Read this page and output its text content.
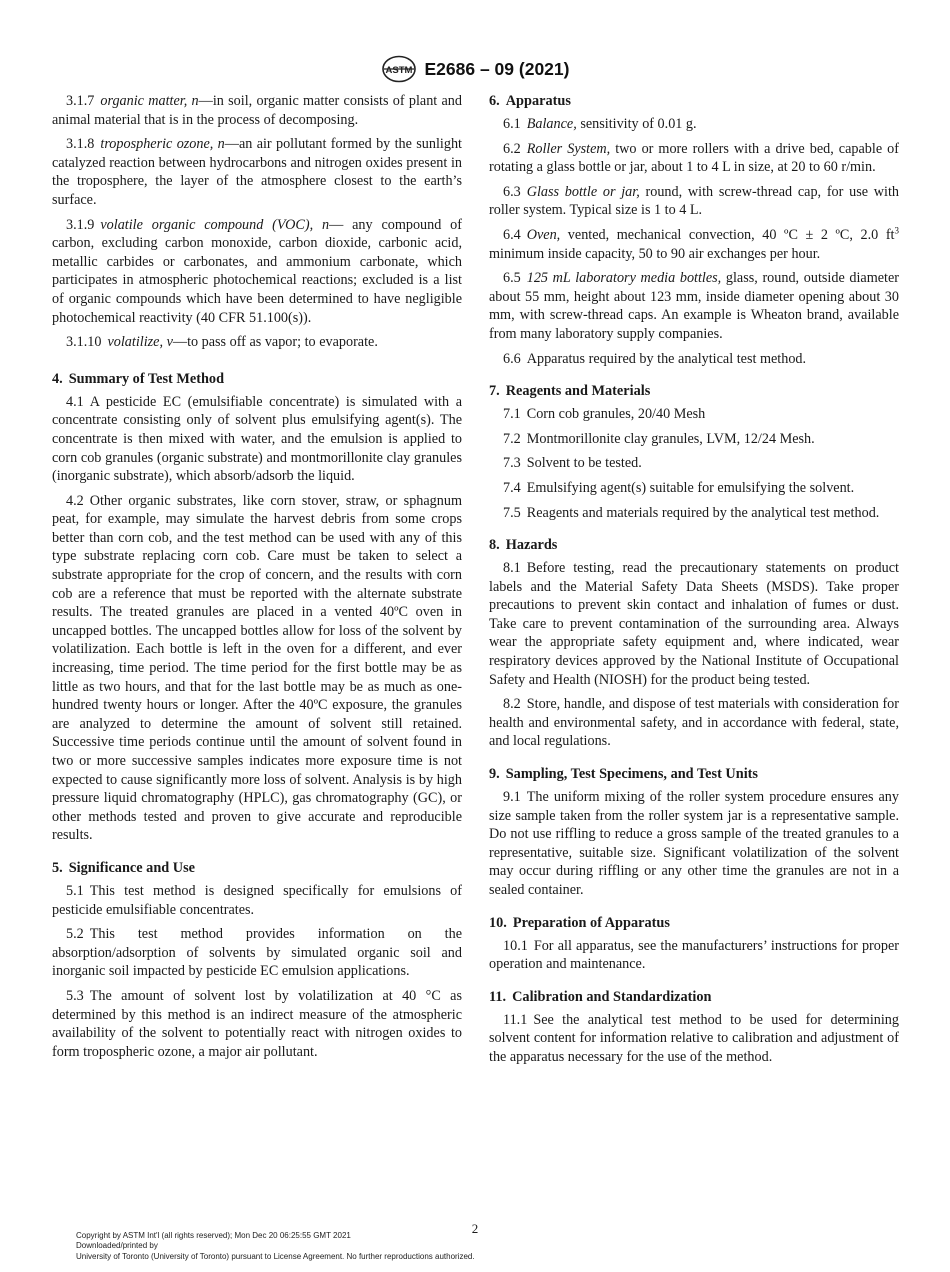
ASTM E2686 – 09 (2021)

3.1.7 organic matter, n—in soil, organic matter consists of plant and animal material that is in the process of decomposing.

3.1.8 tropospheric ozone, n—an air pollutant formed by the sunlight catalyzed reaction between hydrocarbons and nitrogen oxides present in the troposphere, the layer of the atmosphere closest to the earth’s surface.

3.1.9 volatile organic compound (VOC), n— any compound of carbon, excluding carbon monoxide, carbon dioxide, carbonic acid, metallic carbides or carbonates, and ammonium carbonate, which participates in atmospheric photochemical reactions; excluded is a list of organic compounds which have been determined to have negligible photochemical reactivity (40 CFR 51.100(s)).

3.1.10 volatilize, v—to pass off as vapor; to evaporate.

4. Summary of Test Method

4.1 A pesticide EC (emulsifiable concentrate) is simulated with a concentrate consisting only of solvent plus emulsifying agent(s). The concentrate is then mixed with water, and the emulsion is applied to corn cob granules (organic substrate) and montmorillonite clay granules (inorganic substrate), which absorb/adsorb the liquid.

4.2 Other organic substrates, like corn stover, straw, or sphagnum peat, for example, may simulate the harvest debris from some crops better than corn cob, and the test method can be used with any of this type substrate replacing corn cob. Care must be taken to select a substrate appropriate for the crop of concern, and the results with corn cob are a reference that must be reported with the alternate substrate results. The treated granules are placed in a vented 40ºC oven in uncapped bottles. The uncapped bottles allow for loss of the solvent by volatilization. Each bottle is left in the oven for a different, and ever increasing, time period. The time period for the first bottle may be as little as two hours, and that for the last bottle may be as much as one-hundred twenty hours or longer. After the 40ºC exposure, the granules are analyzed to determine the amount of solvent still retained. Successive time periods continue until the amount of solvent found in two or more successive samples indicates more exposure time is not expected to cause significantly more loss of solvent. Analysis is by high pressure liquid chromatography (HPLC), gas chromatography (GC), or other methods tested and proven to give accurate and reproducible results.

5. Significance and Use

5.1 This test method is designed specifically for emulsions of pesticide emulsifiable concentrates.

5.2 This test method provides information on the absorption/adsorption of solvents by simulated organic soil and inorganic soil impacted by pesticide EC emulsion applications.

5.3 The amount of solvent lost by volatilization at 40 °C as determined by this method is an indirect measure of the atmospheric availability of the solvent to potentially react with nitrogen oxides to form tropospheric ozone, a major air pollutant.

6. Apparatus

6.1 Balance, sensitivity of 0.01 g.

6.2 Roller System, two or more rollers with a drive bed, capable of rotating a glass bottle or jar, about 1 to 4 L in size, at 20 to 60 r/min.

6.3 Glass bottle or jar, round, with screw-thread cap, for use with roller system. Typical size is 1 to 4 L.

6.4 Oven, vented, mechanical convection, 40 ºC ± 2 ºC, 2.0 $ft^3$ minimum inside capacity, 50 to 90 air exchanges per hour.

6.5 125 mL laboratory media bottles, glass, round, outside diameter about 55 mm, height about 123 mm, inside diameter opening about 30 mm, with screw-thread caps. An example is Wheaton brand, available from many laboratory supply companies.

6.6 Apparatus required by the analytical test method.

7. Reagents and Materials

7.1 Corn cob granules, 20/40 Mesh

7.2 Montmorillonite clay granules, LVM, 12/24 Mesh.

7.3 Solvent to be tested.

7.4 Emulsifying agent(s) suitable for emulsifying the solvent.

7.5 Reagents and materials required by the analytical test method.

8. Hazards

8.1 Before testing, read the precautionary statements on product labels and the Material Safety Data Sheets (MSDS). Take proper precautions to prevent skin contact and inhalation of fumes or dust. Take care to prevent contamination of the surrounding area. Always wear the appropriate safety equipment and, where indicated, wear respiratory devices approved by the National Institute of Occupational Safety and Health (NIOSH) for the product being tested.

8.2 Store, handle, and dispose of test materials with consideration for health and environmental safety, and in accordance with federal, state, and local regulations.

9. Sampling, Test Specimens, and Test Units

9.1 The uniform mixing of the roller system procedure ensures any size sample taken from the roller system jar is a representative sample. Do not use riffling to reduce a gross sample of the treated granules to a representative, suitable size. Significant volatilization of the solvent may occur during riffling or any other time the granules are not in a sealed container.

10. Preparation of Apparatus

10.1 For all apparatus, see the manufacturers’ instructions for proper operation and maintenance.

11. Calibration and Standardization

11.1 See the analytical test method to be used for determining solvent content for information relative to calibration and adjustment of the apparatus necessary for the use of the method.

2
Copyright by ASTM Int'l (all rights reserved); Mon Dec 20 06:25:55 GMT 2021
Downloaded/printed by
University of Toronto (University of Toronto) pursuant to License Agreement. No further reproductions authorized.
